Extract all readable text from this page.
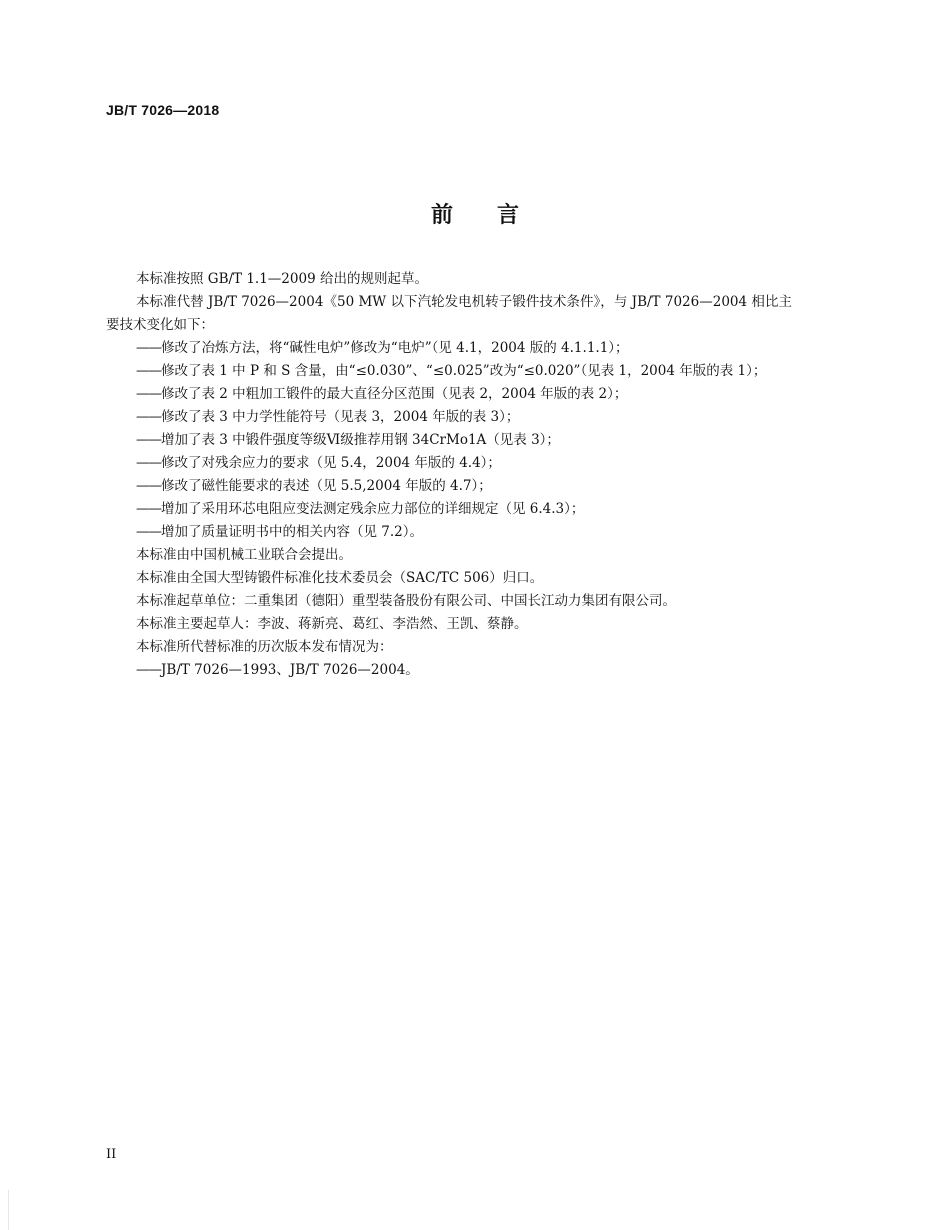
JB/T 7026—2018
前言

本标准按照 GB/T 1.1—2009 给出的规则起草。

本标准代替 JB/T 7026—2004《50 MW 以下汽轮发电机转子锻件技术条件》，与 JB/T 7026—2004 相比主要技术变化如下：

——修改了冶炼方法，将“碱性电炉”修改为“电炉”（见 4.1，2004 版的 4.1.1.1）；

——修改了表 1 中 P 和 S 含量，由“≤0.030”、“≤0.025”改为“≤0.020”（见表 1，2004 年版的表 1）；

——修改了表 2 中粗加工锻件的最大直径分区范围（见表 2，2004 年版的表 2）；

——修改了表 3 中力学性能符号（见表 3，2004 年版的表 3）；

——增加了表 3 中锻件强度等级Ⅵ级推荐用钢 34CrMo1A（见表 3）；

——修改了对残余应力的要求（见 5.4，2004 年版的 4.4）；

——修改了磁性能要求的表述（见 5.5,2004 年版的 4.7）；

——增加了采用环芯电阻应变法测定残余应力部位的详细规定（见 6.4.3）；

——增加了质量证明书中的相关内容（见 7.2）。

本标准由中国机械工业联合会提出。

本标准由全国大型铸锻件标准化技术委员会（SAC/TC 506）归口。

本标准起草单位：二重集团（德阳）重型装备股份有限公司、中国长江动力集团有限公司。

本标准主要起草人：李波、蒋新亮、葛红、李浩然、王凯、蔡静。

本标准所代替标准的历次版本发布情况为：

——JB/T 7026—1993、JB/T 7026—2004。

II
